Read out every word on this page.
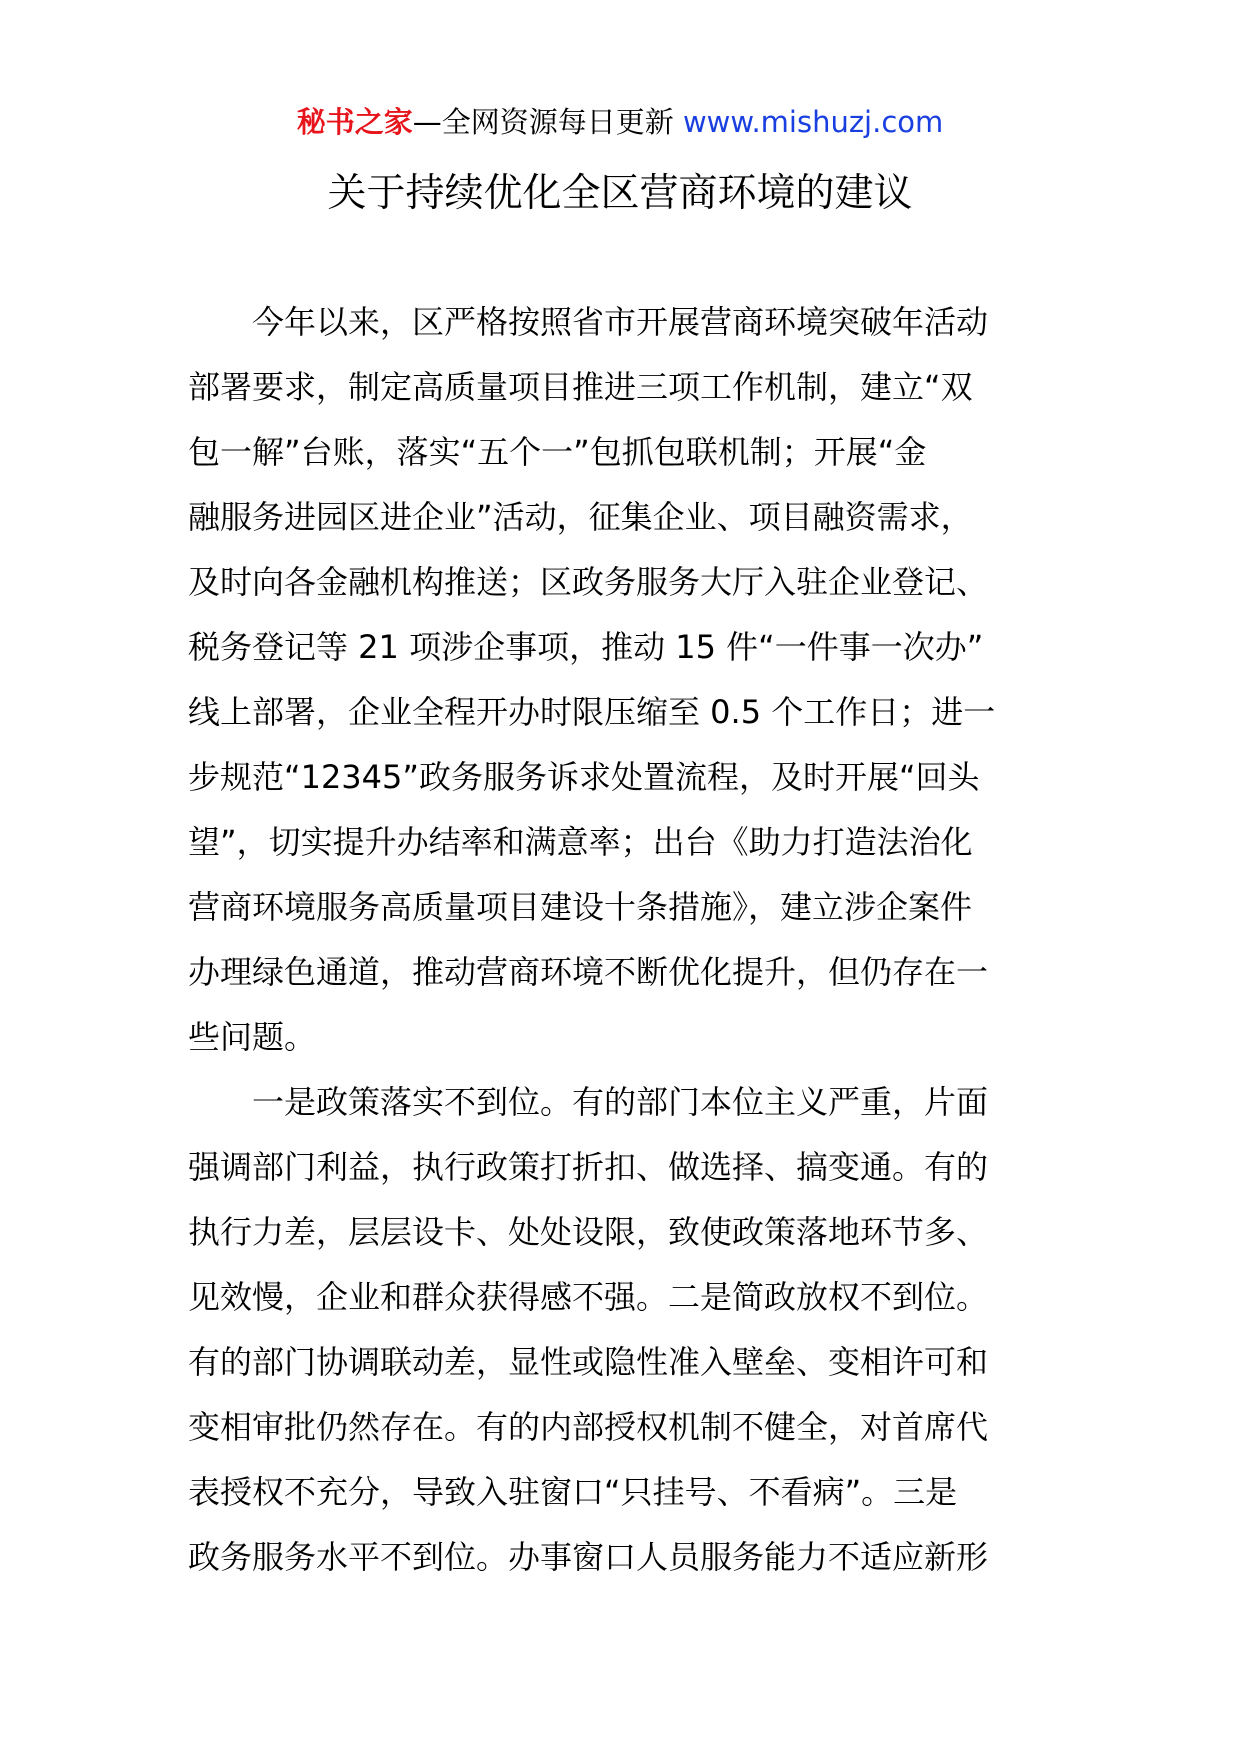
秘书之家—全网资源每日更新 www.mishuzj.com
关于持续优化全区营商环境的建议
今年以来，区严格按照省市开展营商环境突破年活动
部署要求，制定高质量项目推进三项工作机制，建立“双
包一解”台账，落实“五个一”包抓包联机制；开展“金
融服务进园区进企业”活动，征集企业、项目融资需求，
及时向各金融机构推送；区政务服务大厅入驻企业登记、
税务登记等 21 项涉企事项，推动 15 件“一件事一次办”
线上部署，企业全程开办时限压缩至 0.5 个工作日；进一
步规范“12345”政务服务诉求处置流程，及时开展“回头
望”，切实提升办结率和满意率；出台《助力打造法治化
营商环境服务高质量项目建设十条措施》，建立涉企案件
办理绿色通道，推动营商环境不断优化提升，但仍存在一
些问题。
一是政策落实不到位。有的部门本位主义严重，片面
强调部门利益，执行政策打折扣、做选择、搞变通。有的
执行力差，层层设卡、处处设限，致使政策落地环节多、
见效慢，企业和群众获得感不强。二是简政放权不到位。
有的部门协调联动差，显性或隐性准入壁垒、变相许可和
变相审批仍然存在。有的内部授权机制不健全，对首席代
表授权不充分，导致入驻窗口“只挂号、不看病”。三是
政务服务水平不到位。办事窗口人员服务能力不适应新形
